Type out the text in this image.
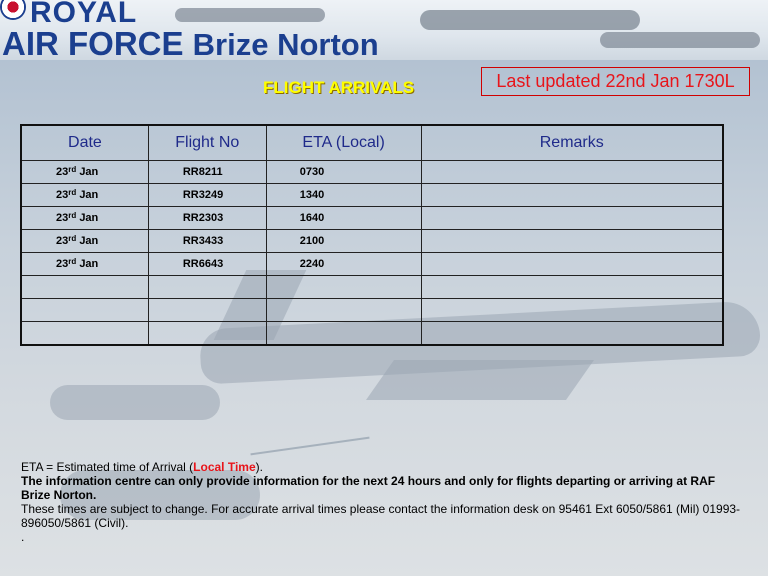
ROYAL
AIR FORCE Brize Norton
FLIGHT ARRIVALS	Last updated 22nd Jan 1730L
Date	Flight No	ETA (Local)	Remarks
23rd Jan	RR8211	0730	
23rd Jan	RR3249	1340	
23rd Jan	RR2303	1640	
23rd Jan	RR3433	2100	
23rd Jan	RR6643	2240	

ETA = Estimated time of Arrival (Local Time).

The information centre can only provide information for the next 24 hours and only for flights departing or arriving at RAF Brize Norton.

These times are subject to change. For accurate arrival times please contact the information desk on 95461 Ext 6050/5861 (Mil) 01993-896050/5861 (Civil).

.
